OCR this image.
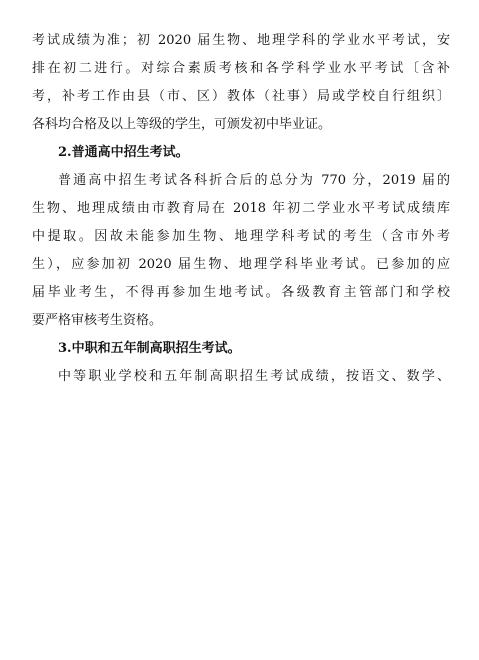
考试成绩为准；初 2020 届生物、地理学科的学业水平考试，安
排在初二进行。对综合素质考核和各学科学业水平考试〔含补
考，补考工作由县（市、区）教体（社事）局或学校自行组织〕
各科均合格及以上等级的学生，可颁发初中毕业证。
2.普通高中招生考试。
普通高中招生考试各科折合后的总分为 770 分，2019 届的
生物、地理成绩由市教育局在 2018 年初二学业水平考试成绩库
中提取。因故未能参加生物、地理学科考试的考生（含市外考
生），应参加初 2020 届生物、地理学科毕业考试。已参加的应
届毕业考生，不得再参加生地考试。各级教育主管部门和学校
要严格审核考生资格。
3.中职和五年制高职招生考试。
中等职业学校和五年制高职招生考试成绩，按语文、数学、
